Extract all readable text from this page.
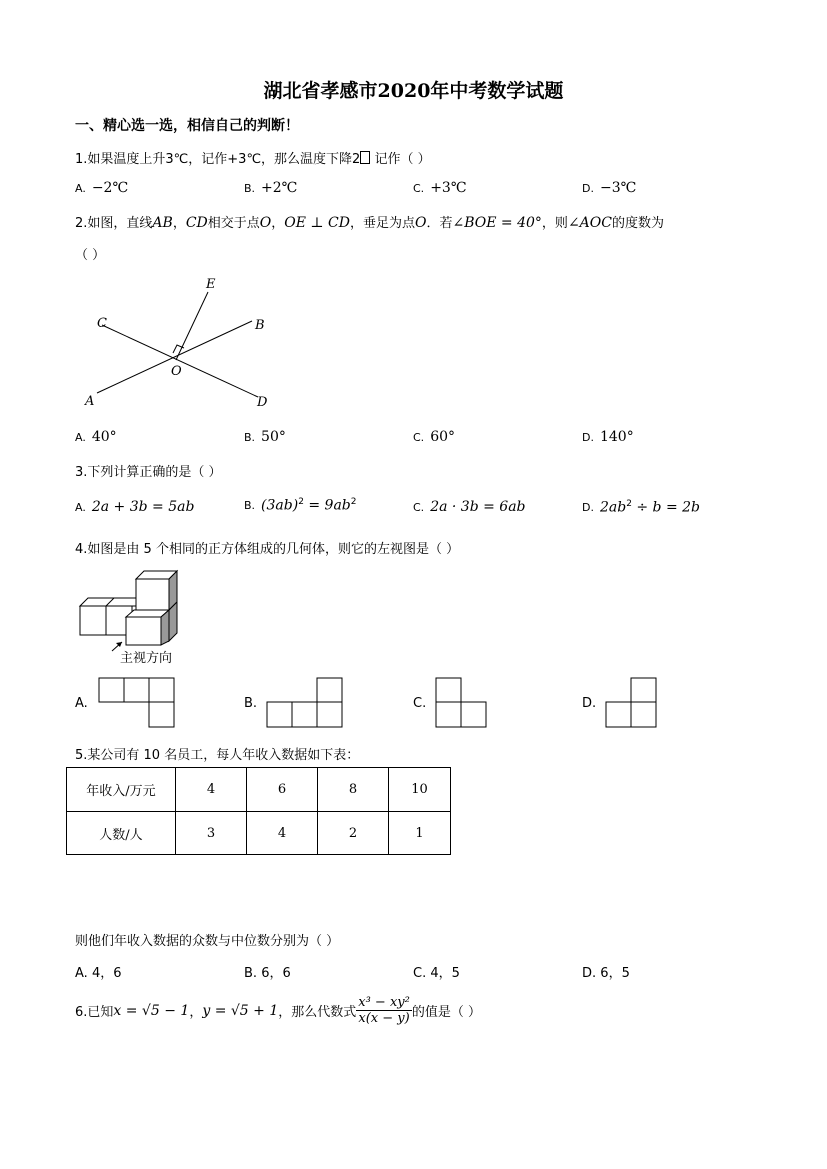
湖北省孝感市2020年中考数学试题
一、精心选一选，相信自己的判断！
1.如果温度上升3℃，记作+3℃，那么温度下降2 记作（ ）
A. −2℃	B. +2℃	C. +3℃	D. −3℃
2.如图，直线AB，CD相交于点O，OE ⊥ CD，垂足为点O．若∠BOE = 40°，则∠AOC的度数为
（ ）
E
C	B
O
A	D
A. 40°	B. 50°	C. 60°	D. 140°
3.下列计算正确的是（ ）
A. 2a + 3b = 5ab	B. $(3ab)^2 = 9ab^2$	C. 2a · 3b = 6ab	D. $2ab^2 \div b = 2b$
4.如图是由 5 个相同的正方体组成的几何体，则它的左视图是（ ）
主视方向
A.	B.	C.	D.
5.某公司有 10 名员工，每人年收入数据如下表：
年收入/万元	4	6	8	10
人数/人	3	4	2	1
则他们年收入数据的众数与中位数分别为（ ）
A. 4，6	B. 6，6	C. 4，5	D. 6，5
6.已知 x = √5 − 1 ， y = √5 + 1 ，那么代数式 $\frac{\text{x³ − xy²}}{x(x - y)}$ 的值是（ ）
